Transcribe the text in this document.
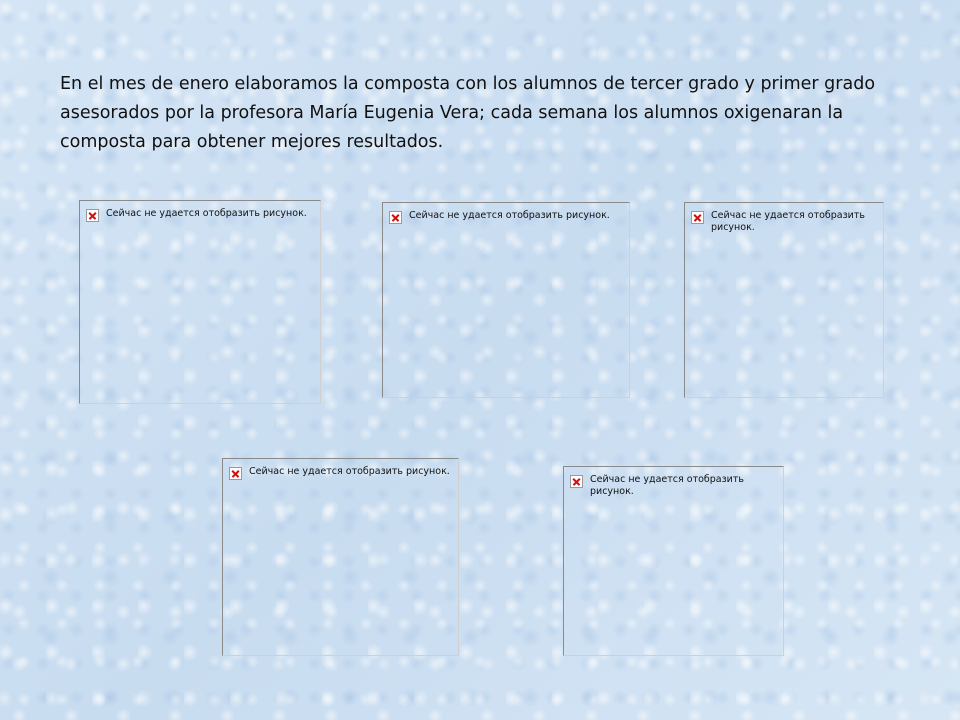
En el mes de enero elaboramos la composta con los alumnos de tercer grado y primer grado asesorados por la profesora María Eugenia Vera; cada semana los alumnos oxigenaran la composta para obtener mejores resultados.

Сейчас не удается отобразить рисунок.	Сейчас не удается отобразить рисунок.	Сейчас не удается отобразить рисунок.
Сейчас не удается отобразить рисунок.
Сейчас не удается отобразить рисунок.
